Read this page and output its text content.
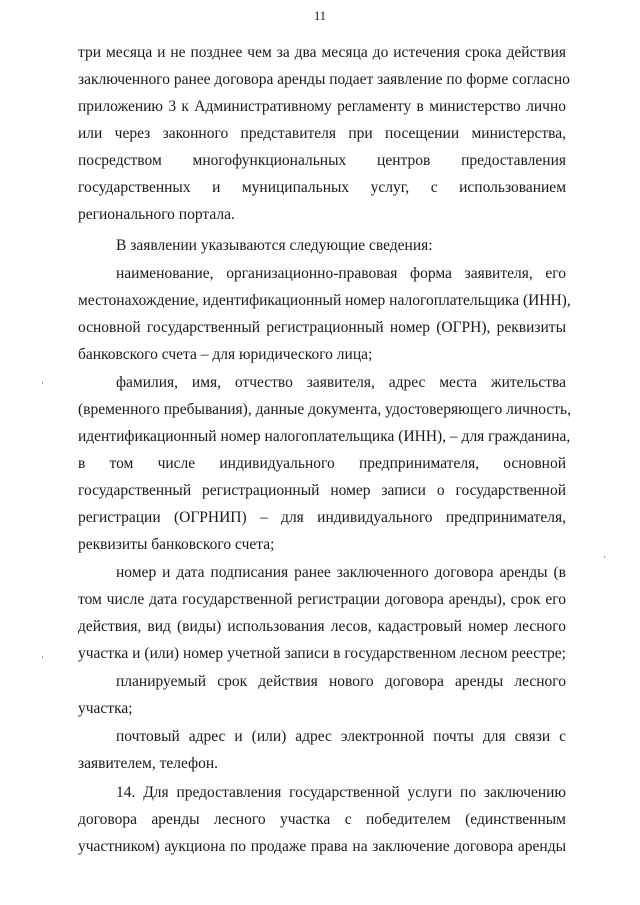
11
три месяца и не позднее чем за два месяца до истечения срока действия
заключенного ранее договора аренды подает заявление по форме согласно
приложению 3 к Административному регламенту в министерство лично
или через законного представителя при посещении министерства,
посредством многофункциональных центров предоставления
государственных и муниципальных услуг, с использованием
регионального портала.
В заявлении указываются следующие сведения:
наименование, организационно-правовая форма заявителя, его
местонахождение, идентификационный номер налогоплательщика (ИНН),
основной государственный регистрационный номер (ОГРН), реквизиты
банковского счета – для юридического лица;
фамилия, имя, отчество заявителя, адрес места жительства
(временного пребывания), данные документа, удостоверяющего личность,
идентификационный номер налогоплательщика (ИНН), – для гражданина,
в том числе индивидуального предпринимателя, основной
государственный регистрационный номер записи о государственной
регистрации (ОГРНИП) – для индивидуального предпринимателя,
реквизиты банковского счета;
номер и дата подписания ранее заключенного договора аренды (в
том числе дата государственной регистрации договора аренды), срок его
действия, вид (виды) использования лесов, кадастровый номер лесного
участка и (или) номер учетной записи в государственном лесном реестре;
планируемый срок действия нового договора аренды лесного
участка;
почтовый адрес и (или) адрес электронной почты для связи с
заявителем, телефон.
14. Для предоставления государственной услуги по заключению
договора аренды лесного участка с победителем (единственным
участником) аукциона по продаже права на заключение договора аренды
